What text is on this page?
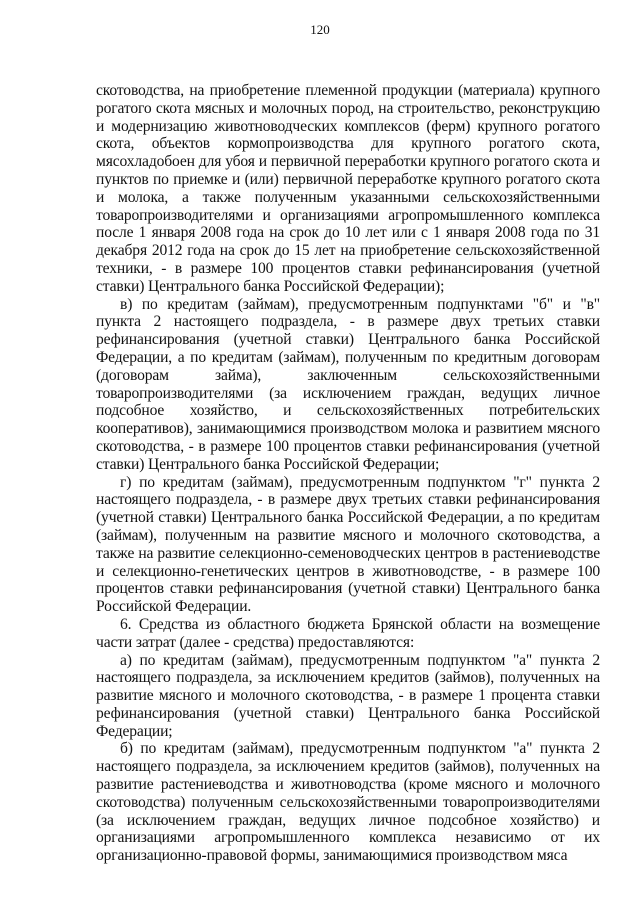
120

скотоводства, на приобретение племенной продукции (материала) крупного рогатого скота мясных и молочных пород, на строительство, реконструкцию и модернизацию животноводческих комплексов (ферм) крупного рогатого скота, объектов кормопроизводства для крупного рогатого скота, мясохладобоен для убоя и первичной переработки крупного рогатого скота и пунктов по приемке и (или) первичной переработке крупного рогатого скота и молока, а также полученным указанными сельскохозяйственными товаропроизводителями и организациями агропромышленного комплекса после 1 января 2008 года на срок до 10 лет или с 1 января 2008 года по 31 декабря 2012 года на срок до 15 лет на приобретение сельскохозяйственной техники, - в размере 100 процентов ставки рефинансирования (учетной ставки) Центрального банка Российской Федерации);

в) по кредитам (займам), предусмотренным подпунктами "б" и "в" пункта 2 настоящего подраздела, - в размере двух третьих ставки рефинансирования (учетной ставки) Центрального банка Российской Федерации, а по кредитам (займам), полученным по кредитным договорам (договорам займа), заключенным сельскохозяйственными товаропроизводителями (за исключением граждан, ведущих личное подсобное хозяйство, и сельскохозяйственных потребительских кооперативов), занимающимися производством молока и развитием мясного скотоводства, - в размере 100 процентов ставки рефинансирования (учетной ставки) Центрального банка Российской Федерации;

г) по кредитам (займам), предусмотренным подпунктом "г" пункта 2 настоящего подраздела, - в размере двух третьих ставки рефинансирования (учетной ставки) Центрального банка Российской Федерации, а по кредитам (займам), полученным на развитие мясного и молочного скотоводства, а также на развитие селекционно-семеноводческих центров в растениеводстве и селекционно-генетических центров в животноводстве, - в размере 100 процентов ставки рефинансирования (учетной ставки) Центрального банка Российской Федерации.

6. Средства из областного бюджета Брянской области на возмещение части затрат (далее - средства) предоставляются:

а) по кредитам (займам), предусмотренным подпунктом "а" пункта 2 настоящего подраздела, за исключением кредитов (займов), полученных на развитие мясного и молочного скотоводства, - в размере 1 процента ставки рефинансирования (учетной ставки) Центрального банка Российской Федерации;

б) по кредитам (займам), предусмотренным подпунктом "а" пункта 2 настоящего подраздела, за исключением кредитов (займов), полученных на развитие растениеводства и животноводства (кроме мясного и молочного скотоводства) полученным сельскохозяйственными товаропроизводителями (за исключением граждан, ведущих личное подсобное хозяйство) и организациями агропромышленного комплекса независимо от их организационно-правовой формы, занимающимися производством мяса
